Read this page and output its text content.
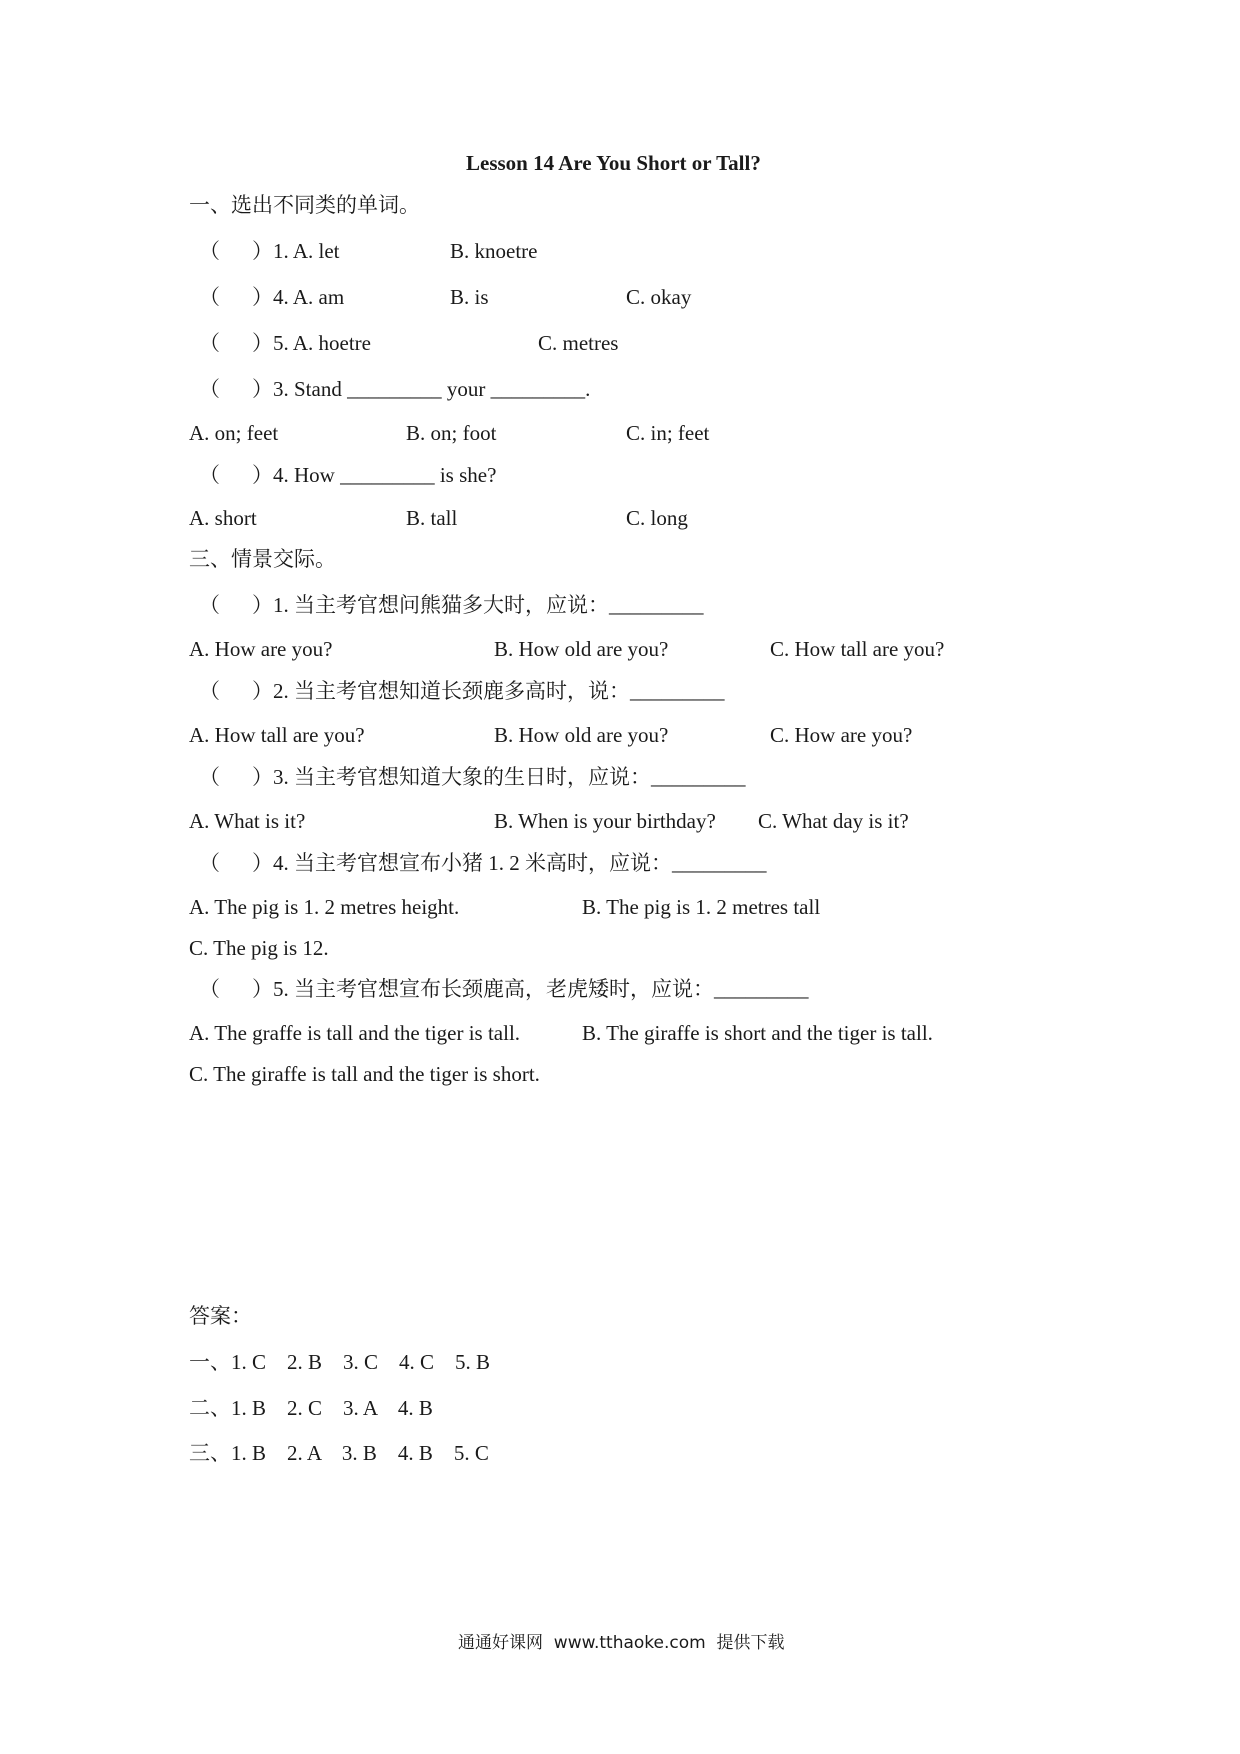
Lesson 14 Are You Short or Tall?
一、选出不同类的单词。
（ ）1. A. let	B. knoetre
（ ）4. A. am	B. is	C. okay
（ ）5. A. hoetre	C. metres
（ ）3. Stand _________ your _________.
A. on; feet	B. on; foot	C. in; feet
（ ）4. How _________ is she?
A. short	B. tall	C. long
三、情景交际。
（ ）1. 当主考官想问熊猫多大时，应说：_________
A. How are you?	B. How old are you?	C. How tall are you?
（ ）2. 当主考官想知道长颈鹿多高时，说：_________
A. How tall are you?	B. How old are you?	C. How are you?
（ ）3. 当主考官想知道大象的生日时，应说：_________
A. What is it?	B. When is your birthday? C. What day is it?
（ ）4. 当主考官想宣布小猪 1. 2 米高时，应说：_________
A. The pig is 1. 2 metres height.	B. The pig is 1. 2 metres tall
C. The pig is 12.
（ ）5. 当主考官想宣布长颈鹿高，老虎矮时，应说：_________
A. The graffe is tall and the tiger is tall.	B. The giraffe is short and the tiger is tall.
C. The giraffe is tall and the tiger is short.
答案：
一、1. C    2. B    3. C    4. C    5. B
二、1. B    2. C    3. A    4. B
三、1. B    2. A    3. B    4. B    5. C
通通好课网  www.tthaoke.com  提供下载
